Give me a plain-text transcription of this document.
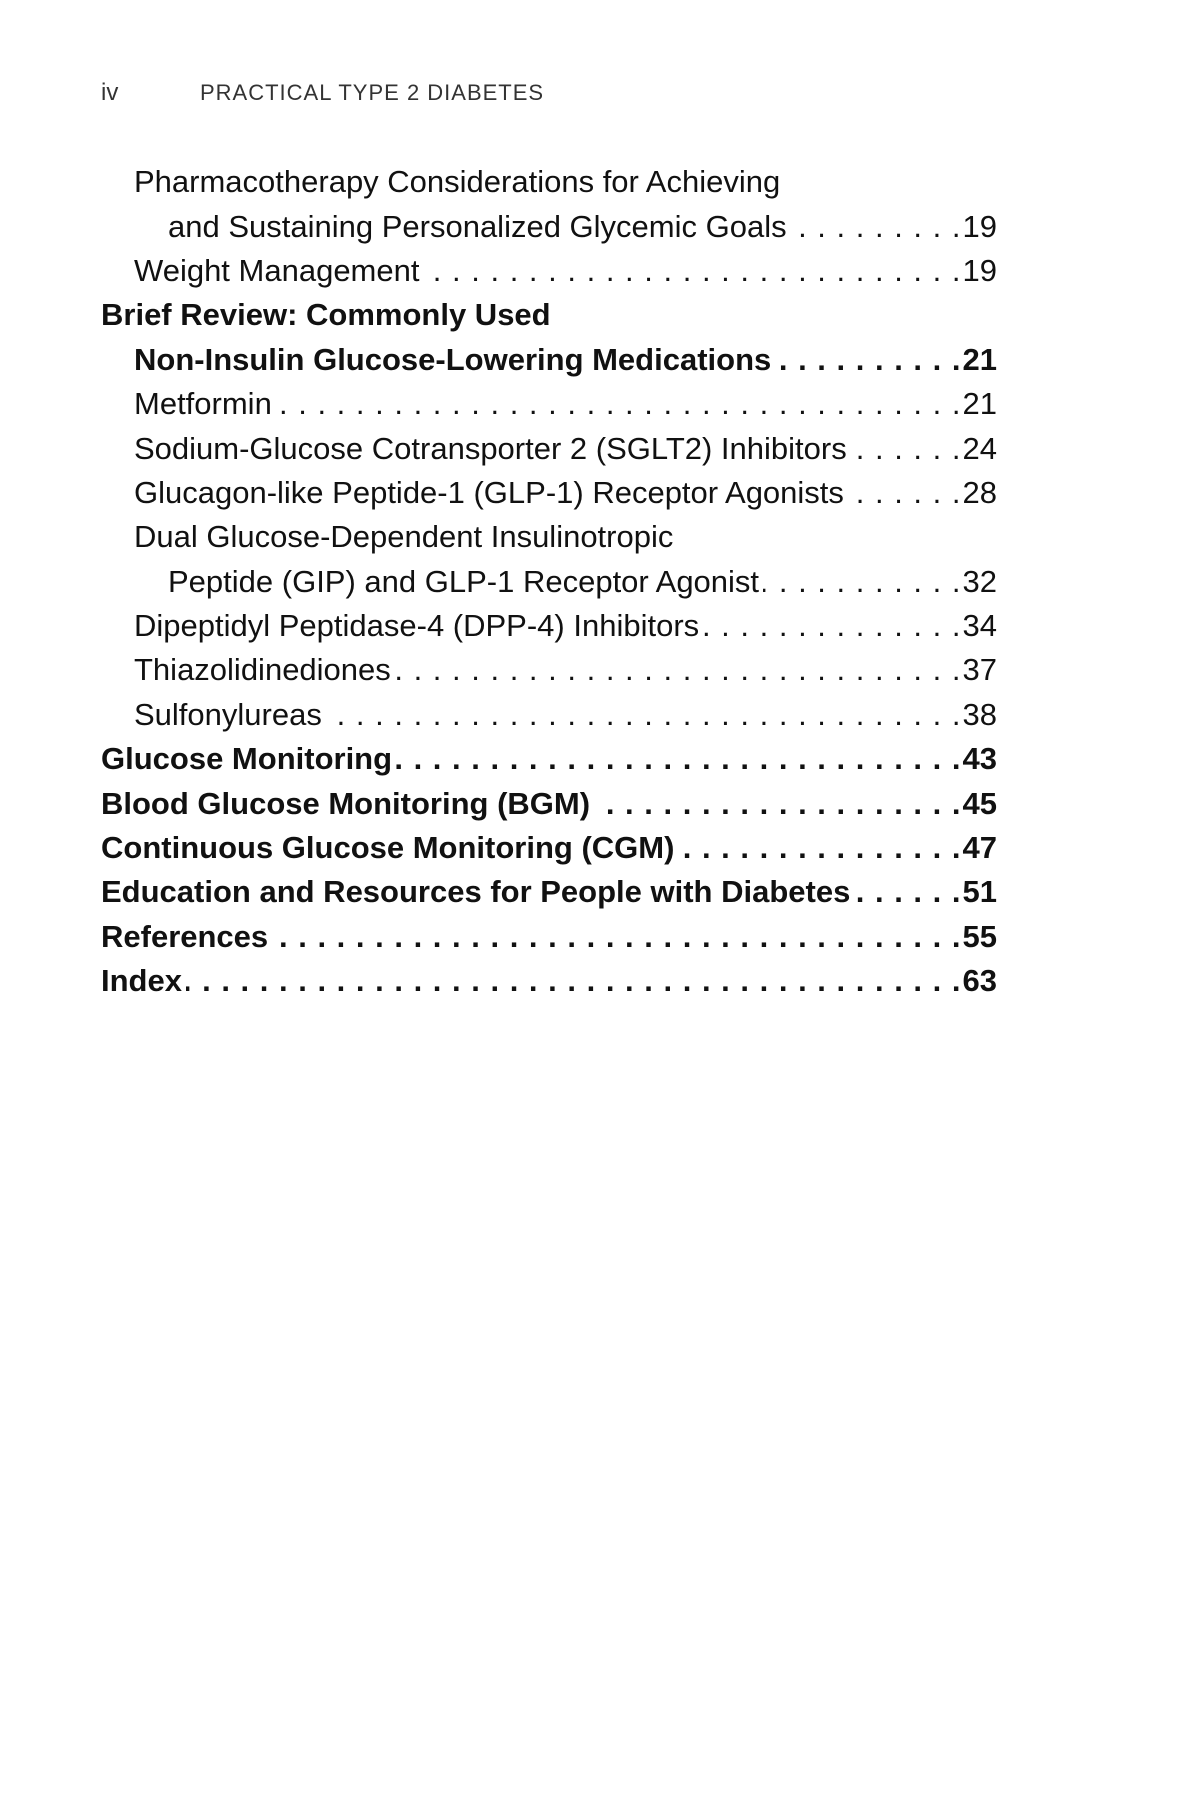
iv	PRACTICAL TYPE 2 DIABETES
Pharmacotherapy Considerations for Achieving
and Sustaining Personalized Glycemic Goals . . .	19
Weight Management . . .	19
Brief Review: Commonly Used
Non-Insulin Glucose-Lowering Medications . . .	21
Metformin . . .	21
Sodium-Glucose Cotransporter 2 (SGLT2) Inhibitors . . .	24
Glucagon-like Peptide-1 (GLP-1) Receptor Agonists . . .	28
Dual Glucose-Dependent Insulinotropic
Peptide (GIP) and GLP-1 Receptor Agonist . . .	32
Dipeptidyl Peptidase-4 (DPP-4) Inhibitors . . .	34
Thiazolidinediones . . .	37
Sulfonylureas . . .	38
Glucose Monitoring . . .	43
Blood Glucose Monitoring (BGM) . . .	45
Continuous Glucose Monitoring (CGM) . . .	47
Education and Resources for People with Diabetes . . .	51
References . . .	55
Index . . .	63
